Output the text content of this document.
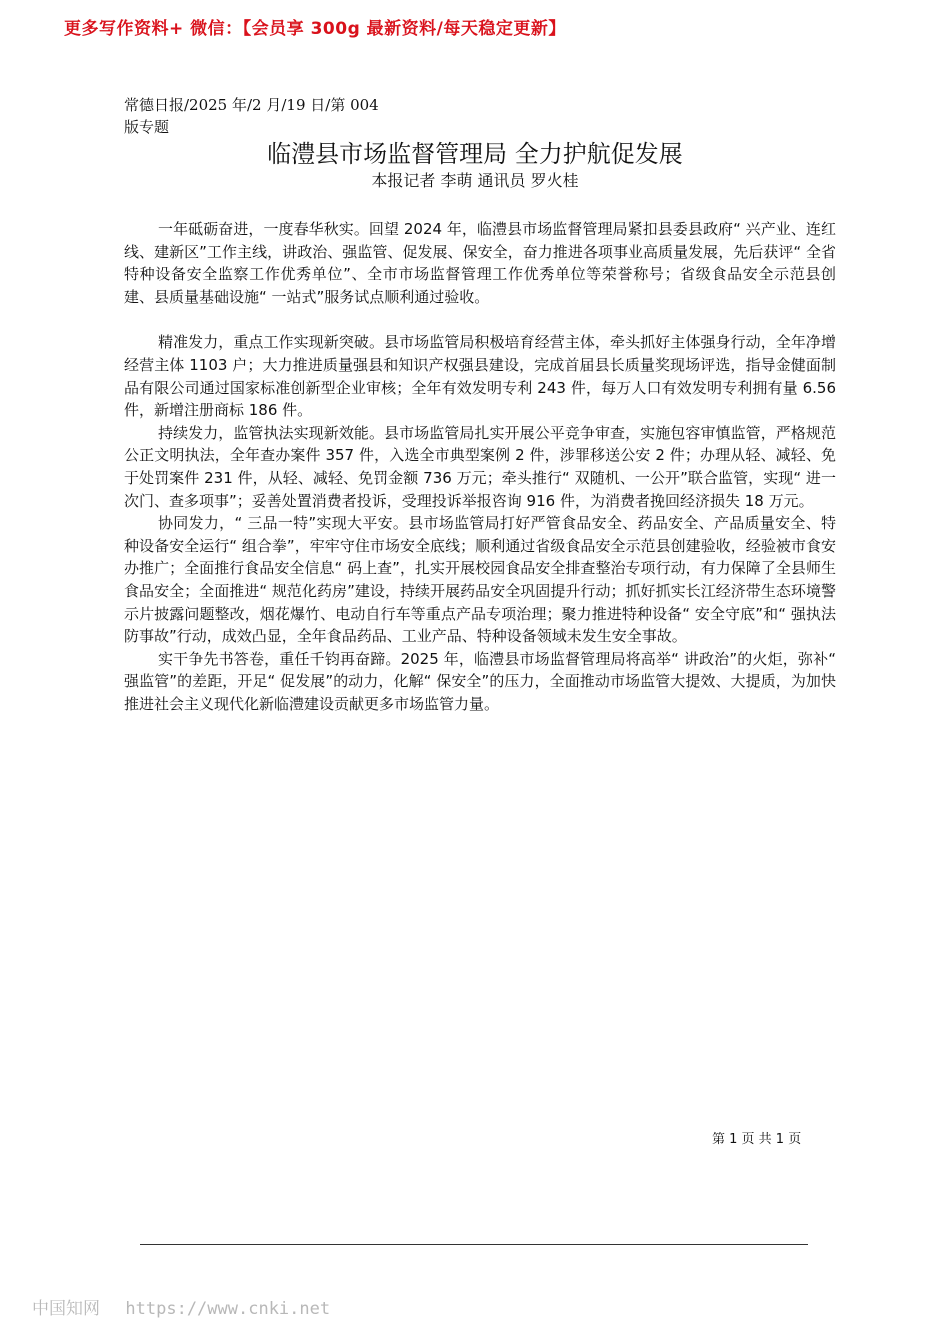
更多写作资料+ 微信：【会员享 300g 最新资料/每天稳定更新】
常德日报/2025 年/2 月/19 日/第 004 版专题
临澧县市场监督管理局 全力护航促发展
本报记者 李萌 通讯员 罗火桂

一年砥砺奋进，一度春华秋实。回望 2024 年，临澧县市场监督管理局紧扣县委县政府“ 兴产业、连红线、建新区”工作主线，讲政治、强监管、促发展、保安全，奋力推进各项事业高质量发展，先后获评“ 全省特种设备安全监察工作优秀单位”、全市市场监督管理工作优秀单位等荣誉称号；省级食品安全示范县创建、县质量基础设施“ 一站式”服务试点顺利通过验收。

精准发力，重点工作实现新突破。县市场监管局积极培育经营主体，牵头抓好主体强身行动，全年净增经营主体 1103 户；大力推进质量强县和知识产权强县建设，完成首届县长质量奖现场评选，指导金健面制品有限公司通过国家标准创新型企业审核；全年有效发明专利 243 件，每万人口有效发明专利拥有量 6.56 件，新增注册商标 186 件。

持续发力，监管执法实现新效能。县市场监管局扎实开展公平竞争审查，实施包容审慎监管，严格规范公正文明执法，全年查办案件 357 件，入选全市典型案例 2 件，涉罪移送公安 2 件；办理从轻、减轻、免于处罚案件 231 件，从轻、减轻、免罚金额 736 万元；牵头推行“ 双随机、一公开”联合监管，实现“ 进一次门、查多项事”；妥善处置消费者投诉，受理投诉举报咨询 916 件，为消费者挽回经济损失 18 万元。

协同发力，“ 三品一特”实现大平安。县市场监管局打好严管食品安全、药品安全、产品质量安全、特种设备安全运行“ 组合拳”，牢牢守住市场安全底线；顺利通过省级食品安全示范县创建验收，经验被市食安办推广；全面推行食品安全信息“ 码上查”，扎实开展校园食品安全排查整治专项行动，有力保障了全县师生食品安全；全面推进“ 规范化药房”建设，持续开展药品安全巩固提升行动；抓好抓实长江经济带生态环境警示片披露问题整改，烟花爆竹、电动自行车等重点产品专项治理；聚力推进特种设备“ 安全守底”和“ 强执法防事故”行动，成效凸显，全年食品药品、工业产品、特种设备领域未发生安全事故。

实干争先书答卷，重任千钧再奋蹄。2025 年，临澧县市场监督管理局将高举“ 讲政治”的火炬，弥补“ 强监管”的差距，开足“ 促发展”的动力，化解“ 保安全”的压力，全面推动市场监管大提效、大提质，为加快推进社会主义现代化新临澧建设贡献更多市场监管力量。

第 1 页 共 1 页
中国知网 https://www.cnki.net
